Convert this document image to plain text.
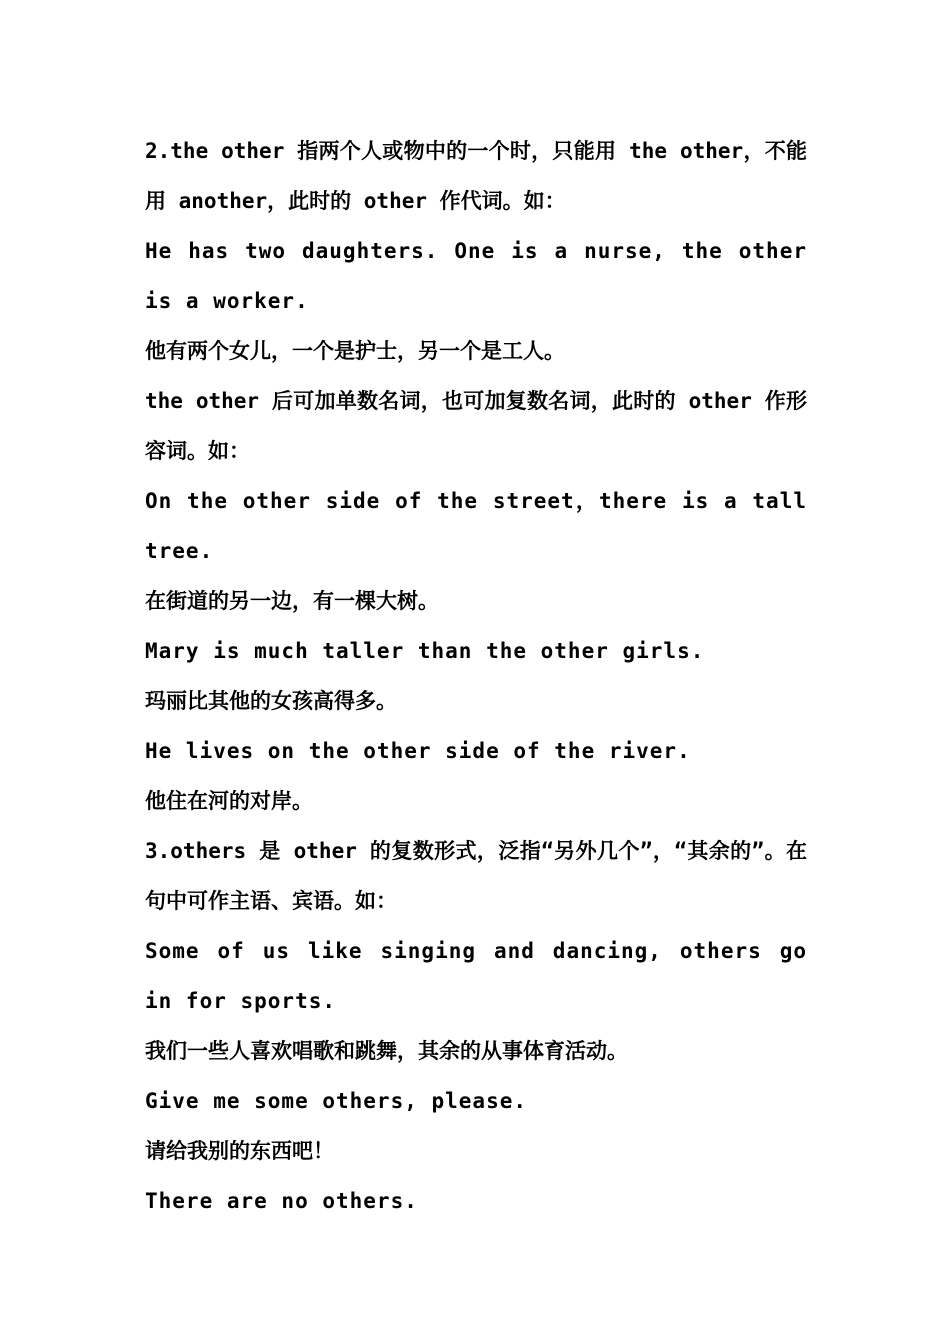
2.the other 指两个人或物中的一个时，只能用 the other，不能用 another，此时的 other 作代词。如：

He has two daughters. One is a nurse, the other is a worker.

他有两个女儿，一个是护士，另一个是工人。

the other 后可加单数名词，也可加复数名词，此时的 other 作形容词。如：

On the other side of the street，there is a tall tree.

在街道的另一边，有一棵大树。

Mary is much taller than the other girls.

玛丽比其他的女孩高得多。

He lives on the other side of the river.

他住在河的对岸。

3.others 是 other 的复数形式，泛指“另外几个”，“其余的”。在句中可作主语、宾语。如：

Some of us like singing and dancing, others go in for sports.

我们一些人喜欢唱歌和跳舞，其余的从事体育活动。

Give me some others, please.

请给我别的东西吧！

There are no others.
